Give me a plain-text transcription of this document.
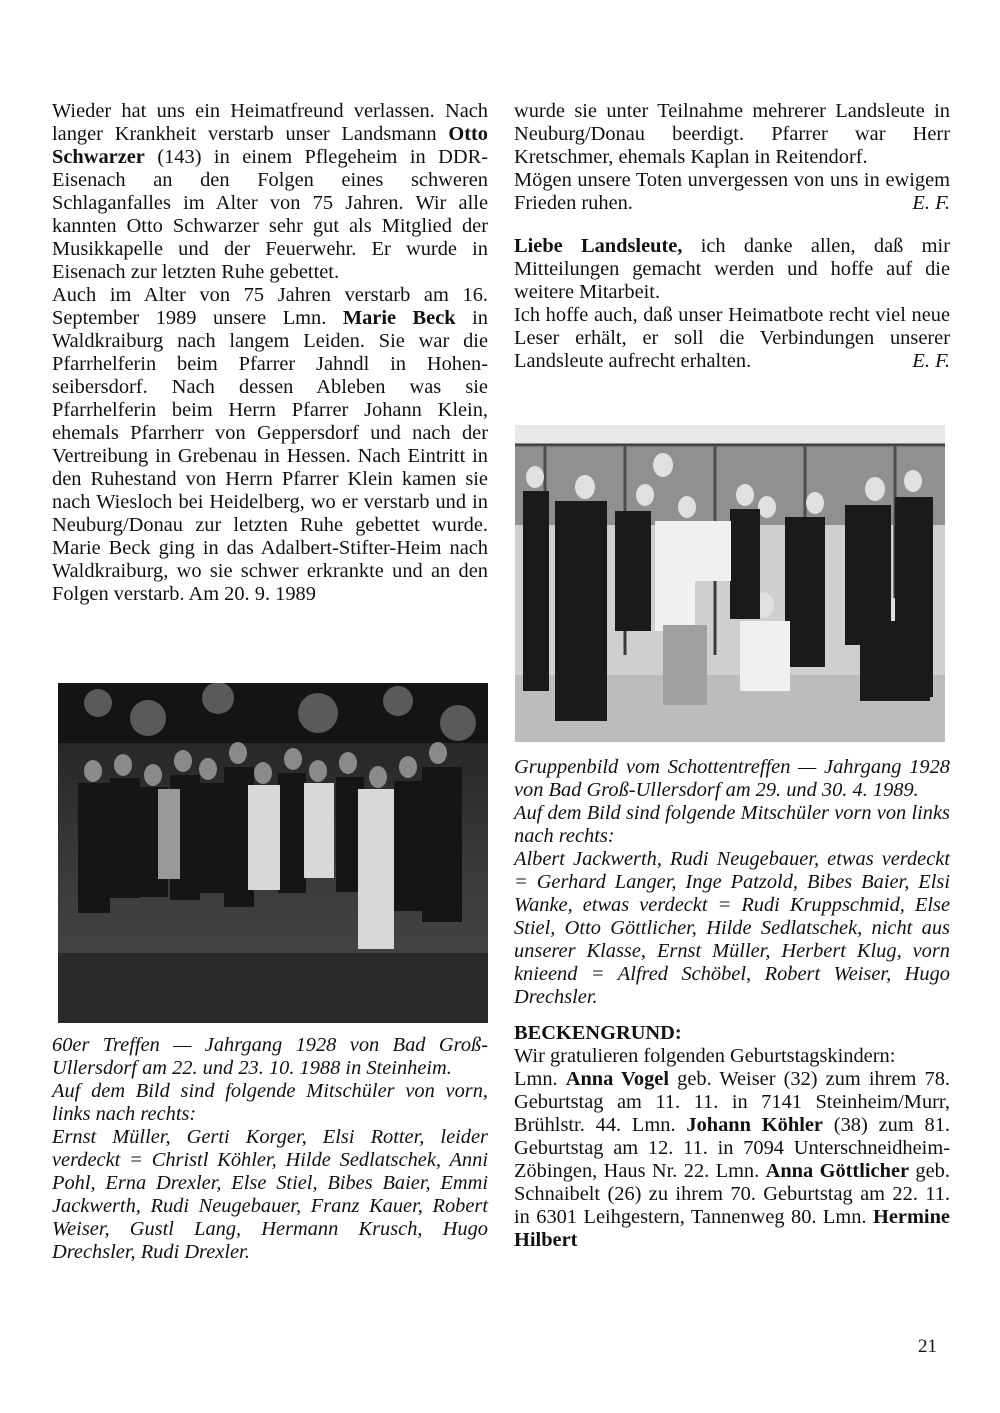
Wieder hat uns ein Heimatfreund verlassen. Nach langer Krankheit verstarb unser Landsmann Otto Schwarzer (143) in einem Pflegeheim in DDR-Eisenach an den Folgen eines schweren Schlaganfalles im Alter von 75 Jahren. Wir alle kannten Otto Schwarzer sehr gut als Mitglied der Musikkapelle und der Feuerwehr. Er wurde in Eisenach zur letzten Ruhe gebettet.

Auch im Alter von 75 Jahren verstarb am 16. September 1989 unsere Lmn. Marie Beck in Waldkraiburg nach langem Leiden. Sie war die Pfarrhelferin beim Pfarrer Jahndl in Hohenseibersdorf. Nach dessen Ableben was sie Pfarrhelferin beim Herrn Pfarrer Johann Klein, ehemals Pfarrherr von Geppersdorf und nach der Vertreibung in Grebenau in Hessen. Nach Eintritt in den Ruhestand von Herrn Pfarrer Klein kamen sie nach Wiesloch bei Heidelberg, wo er verstarb und in Neuburg/Donau zur letzten Ruhe gebettet wurde. Marie Beck ging in das Adalbert-Stifter-Heim nach Waldkraiburg, wo sie schwer erkrankte und an den Folgen verstarb. Am 20. 9. 1989

60er Treffen — Jahrgang 1928 von Bad Groß-Ullersdorf am 22. und 23. 10. 1988 in Steinheim.

Auf dem Bild sind folgende Mitschüler von vorn, links nach rechts:

Ernst Müller, Gerti Korger, Elsi Rotter, leider verdeckt = Christl Köhler, Hilde Sedlatschek, Anni Pohl, Erna Drexler, Else Stiel, Bibes Baier, Emmi Jackwerth, Rudi Neugebauer, Franz Kauer, Robert Weiser, Gustl Lang, Hermann Krusch, Hugo Drechsler, Rudi Drexler.

wurde sie unter Teilnahme mehrerer Landsleute in Neuburg/Donau beerdigt. Pfarrer war Herr Kretschmer, ehemals Kaplan in Reitendorf.

Mögen unsere Toten unvergessen von uns in ewigem Frieden ruhen.	E. F.

Liebe Landsleute, ich danke allen, daß mir Mitteilungen gemacht werden und hoffe auf die weitere Mitarbeit.

Ich hoffe auch, daß unser Heimatbote recht viel neue Leser erhält, er soll die Verbindungen unserer Landsleute aufrecht erhalten.	E. F.

Gruppenbild vom Schottentreffen — Jahrgang 1928 von Bad Groß-Ullersdorf am 29. und 30. 4. 1989.

Auf dem Bild sind folgende Mitschüler vorn von links nach rechts:

Albert Jackwerth, Rudi Neugebauer, etwas verdeckt = Gerhard Langer, Inge Patzold, Bibes Baier, Elsi Wanke, etwas verdeckt = Rudi Kruppschmid, Else Stiel, Otto Göttlicher, Hilde Sedlatschek, nicht aus unserer Klasse, Ernst Müller, Herbert Klug, vorn knieend = Alfred Schöbel, Robert Weiser, Hugo Drechsler.

BECKENGRUND:

Wir gratulieren folgenden Geburtstagskindern:

Lmn. Anna Vogel geb. Weiser (32) zum ihrem 78. Geburtstag am 11. 11. in 7141 Steinheim/Murr, Brühlstr. 44. Lmn. Johann Köhler (38) zum 81. Geburtstag am 12. 11. in 7094 Unterschneidheim-Zöbingen, Haus Nr. 22. Lmn. Anna Göttlicher geb. Schnaibelt (26) zu ihrem 70. Geburtstag am 22. 11. in 6301 Leihgestern, Tannenweg 80. Lmn. Hermine Hilbert

21
